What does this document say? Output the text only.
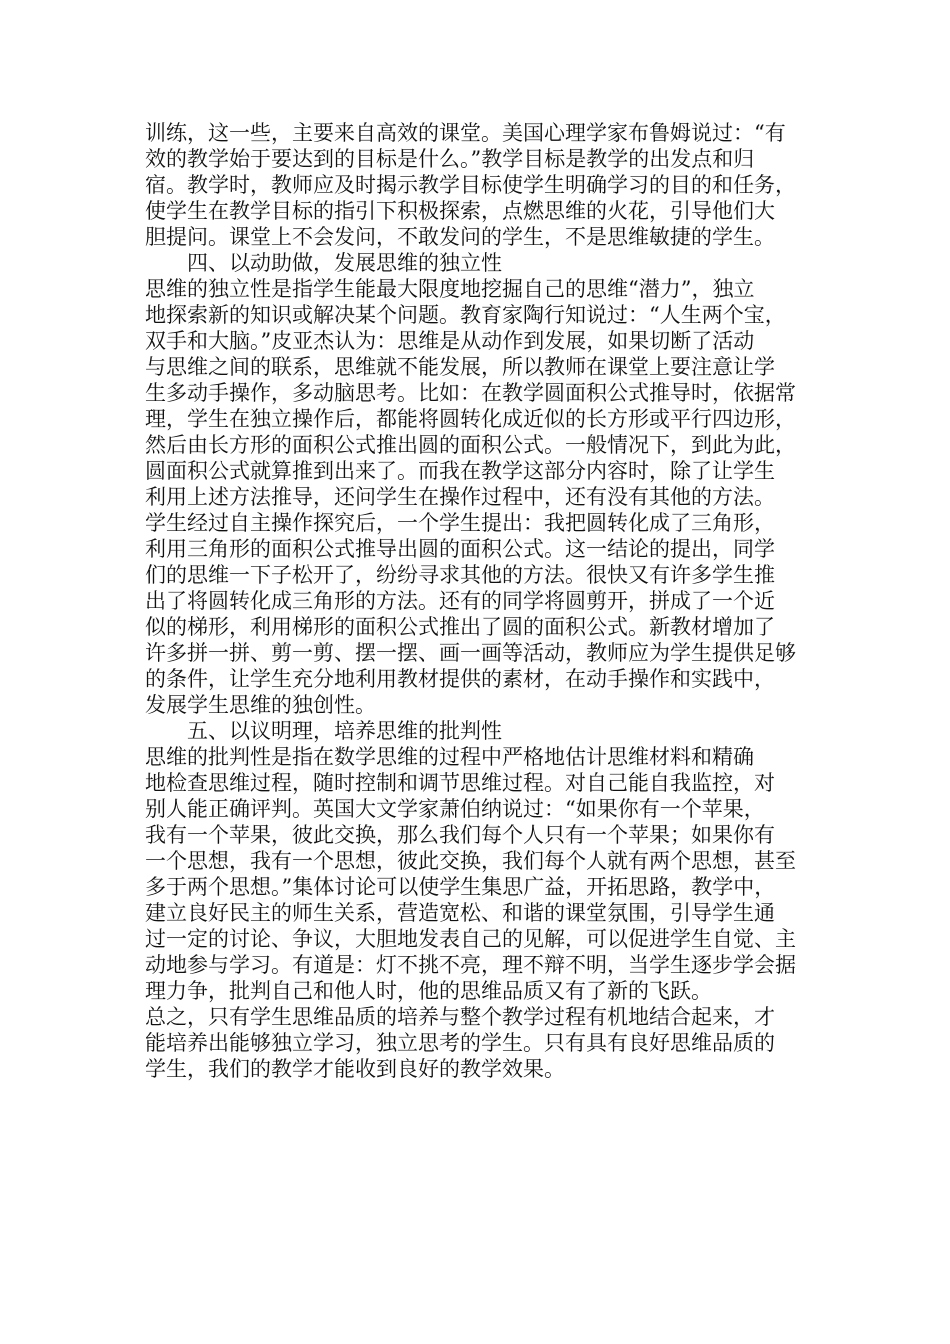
训练，这一些，主要来自高效的课堂。美国心理学家布鲁姆说过：“有
效的教学始于要达到的目标是什么。”教学目标是教学的出发点和归
宿。教学时，教师应及时揭示教学目标使学生明确学习的目的和任务，
使学生在教学目标的指引下积极探索，点燃思维的火花，引导他们大
胆提问。课堂上不会发问，不敢发问的学生，不是思维敏捷的学生。
四、以动助做，发展思维的独立性
思维的独立性是指学生能最大限度地挖掘自己的思维“潜力”，独立
地探索新的知识或解决某个问题。教育家陶行知说过：“人生两个宝，
双手和大脑。”皮亚杰认为：思维是从动作到发展，如果切断了活动
与思维之间的联系，思维就不能发展，所以教师在课堂上要注意让学
生多动手操作，多动脑思考。比如：在教学圆面积公式推导时，依据常
理，学生在独立操作后，都能将圆转化成近似的长方形或平行四边形，
然后由长方形的面积公式推出圆的面积公式。一般情况下，到此为此，
圆面积公式就算推到出来了。而我在教学这部分内容时，除了让学生
利用上述方法推导，还问学生在操作过程中，还有没有其他的方法。
学生经过自主操作探究后，一个学生提出：我把圆转化成了三角形，
利用三角形的面积公式推导出圆的面积公式。这一结论的提出，同学
们的思维一下子松开了，纷纷寻求其他的方法。很快又有许多学生推
出了将圆转化成三角形的方法。还有的同学将圆剪开，拼成了一个近
似的梯形，利用梯形的面积公式推出了圆的面积公式。新教材增加了
许多拼一拼、剪一剪、摆一摆、画一画等活动，教师应为学生提供足够
的条件，让学生充分地利用教材提供的素材，在动手操作和实践中，
发展学生思维的独创性。
五、以议明理，培养思维的批判性
思维的批判性是指在数学思维的过程中严格地估计思维材料和精确
地检查思维过程，随时控制和调节思维过程。对自己能自我监控，对
别人能正确评判。英国大文学家萧伯纳说过：“如果你有一个苹果，
我有一个苹果，彼此交换，那么我们每个人只有一个苹果；如果你有
一个思想，我有一个思想，彼此交换，我们每个人就有两个思想，甚至
多于两个思想。”集体讨论可以使学生集思广益，开拓思路，教学中，
建立良好民主的师生关系，营造宽松、和谐的课堂氛围，引导学生通
过一定的讨论、争议，大胆地发表自己的见解，可以促进学生自觉、主
动地参与学习。有道是：灯不挑不亮，理不辩不明，当学生逐步学会据
理力争，批判自己和他人时，他的思维品质又有了新的飞跃。
总之，只有学生思维品质的培养与整个教学过程有机地结合起来，才
能培养出能够独立学习，独立思考的学生。只有具有良好思维品质的
学生，我们的教学才能收到良好的教学效果。
